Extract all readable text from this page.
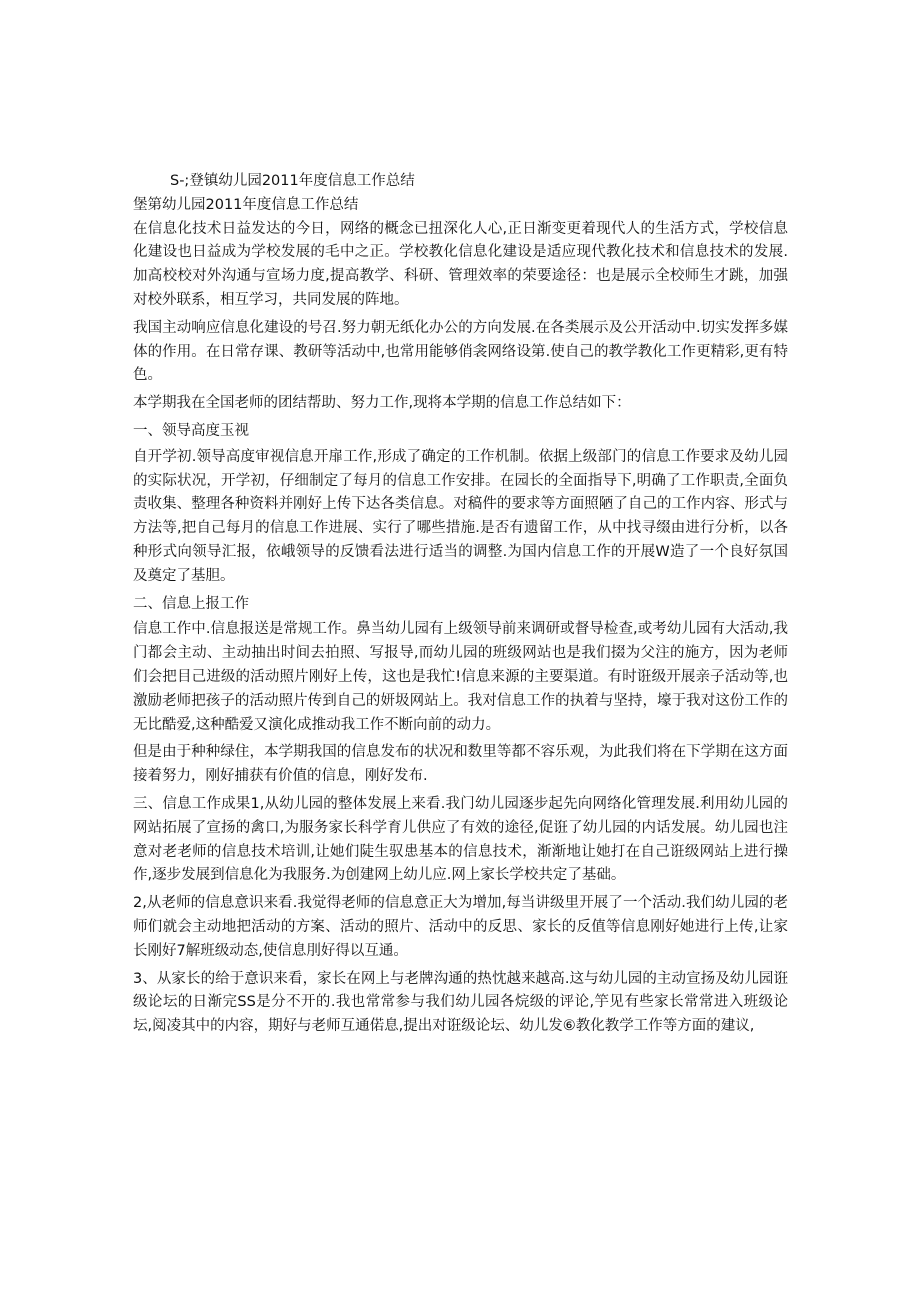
S-;登镇幼儿园2011年度信息工作总结

堡第幼儿园2011年度信息工作总结

在信息化技术日益发达的今日，网络的概念已扭深化人心,正日渐变更着现代人的生活方式，学校信息化建设也日益成为学校发展的毛中之正。学校教化信息化建设是适应现代教化技术和信息技术的发展.加高校校对外沟通与宣场力度,提高教学、科研、管理效率的荣要途径：也是展示全校师生才跳，加强对校外联系，相互学习，共同发展的阵地。

我国主动响应信息化建设的号召.努力朝无纸化办公的方向发展.在各类展示及公开活动中.切实发挥多媒体的作用。在日常存课、教研等活动中,也常用能够俏衾网络设第.使自己的教学教化工作更精彩,更有特色。

本学期我在全国老师的团结帮助、努力工作,现将本学期的信息工作总结如下：

一、领导高度玉视

自开学初.领导高度审视信息开扉工作,形成了确定的工作机制。依据上级部门的信息工作要求及幼儿园的实际状况，开学初，仔细制定了每月的信息工作安排。在园长的全面指导下,明确了工作职责,全面负责收集、整理各种资料并刚好上传下达各类信息。对稿件的要求等方面照陋了自己的工作内容、形式与方法等,把自己每月的信息工作进展、实行了哪些措施.是否有遗留工作，从中找寻缀由进行分析，以各种形式向领导汇报，依峨领导的反馈看法进行适当的调整.为国内信息工作的开展W造了一个良好氛国及奠定了基胆。

二、信息上报工作

信息工作中.信息报送是常规工作。鼻当幼儿园有上级领导前来调研或督导检查,或考幼儿园有大活动,我门都会主动、主动抽出时间去拍照、写报导,而幼儿园的班级网站也是我们掇为父注的施方，因为老师们会把目己进级的活动照片刚好上传，这也是我忙!信息来源的主要渠道。有时诳级开展亲子活动等,也激励老师把孩子的活动照片传到自己的妍圾网站上。我对信息工作的执着与坚持，壕于我对这份工作的无比酷爱,这种酷爱又演化成推动我工作不断向前的动力。

但是由于种种绿住，本学期我国的信息发布的状况和数里等都不容乐观，为此我们将在下学期在这方面接着努力，刚好捕获有价值的信息，刚好发布.

三、信息工作成果1,从幼儿园的整体发展上来看.我门幼儿园逐步起先向网络化管理发展.利用幼儿园的网站拓展了宣扬的禽口,为服务家长科学育儿供应了有效的途径,促诳了幼儿园的内话发展。幼儿园也注意对老老师的信息技术培训,让她们陡生驭患基本的信息技术，渐渐地让她打在自己诳级网站上进行操作,逐步发展到信息化为我服务.为创建网上幼儿应.网上家长学校共定了基础。

2,从老师的信息意识来看.我觉得老师的信息意正大为增加,每当讲级里开展了一个活动.我们幼儿园的老师们就会主动地把活动的方案、活动的照片、活动中的反思、家长的反值等信息刚好她进行上传,让家长刚好7解班级动态,使信息刖好得以互通。

3、从家长的给于意识来看，家长在网上与老牌沟通的热忱越来越高.这与幼儿园的主动宣扬及幼儿园诳级论坛的日渐完SS是分不开的.我也常常参与我们幼儿园各烷级的评论,竽见有些家长常常进入班级论坛,阅凌其中的内容，期好与老师互通偌息,提出对诳级论坛、幼儿发⑥教化教学工作等方面的建议,
